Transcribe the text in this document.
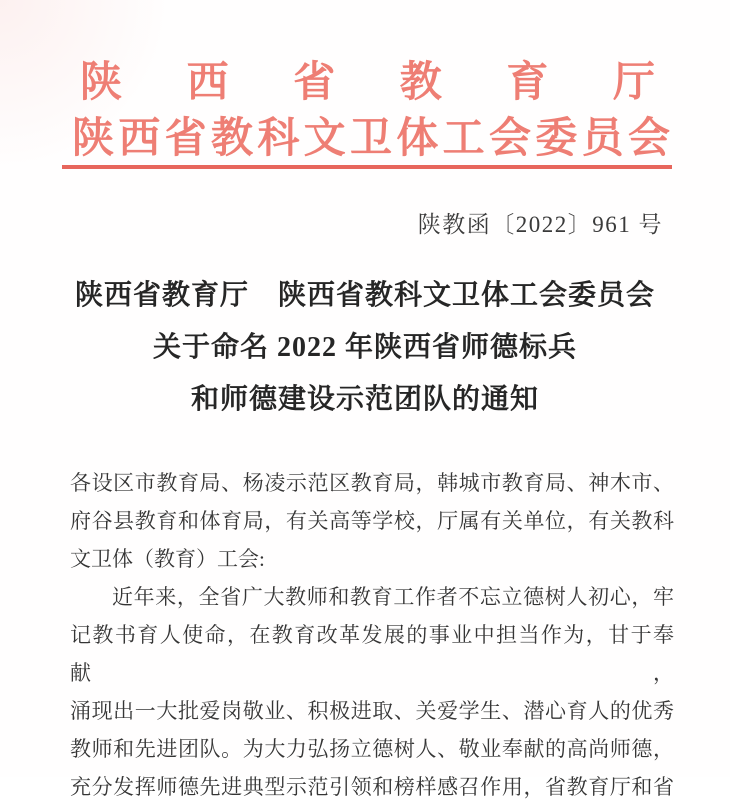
陕 西 省 教 育 厅
陕 西 省 教 科 文 卫 体 工 会 委 员 会
陕教函〔2022〕961 号
陕西省教育厅　陕西省教科文卫体工会委员会
关于命名 2022 年陕西省师德标兵
和师德建设示范团队的通知
各设区市教育局、杨凌示范区教育局，韩城市教育局、神木市、
府谷县教育和体育局，有关高等学校，厅属有关单位，有关教科
文卫体（教育）工会:
近年来，全省广大教师和教育工作者不忘立德树人初心，牢
记教书育人使命，在教育改革发展的事业中担当作为，甘于奉献，
涌现出一大批爱岗敬业、积极进取、关爱学生、潜心育人的优秀
教师和先进团队。为大力弘扬立德树人、敬业奉献的高尚师德，
充分发挥师德先进典型示范引领和榜样感召作用，省教育厅和省
